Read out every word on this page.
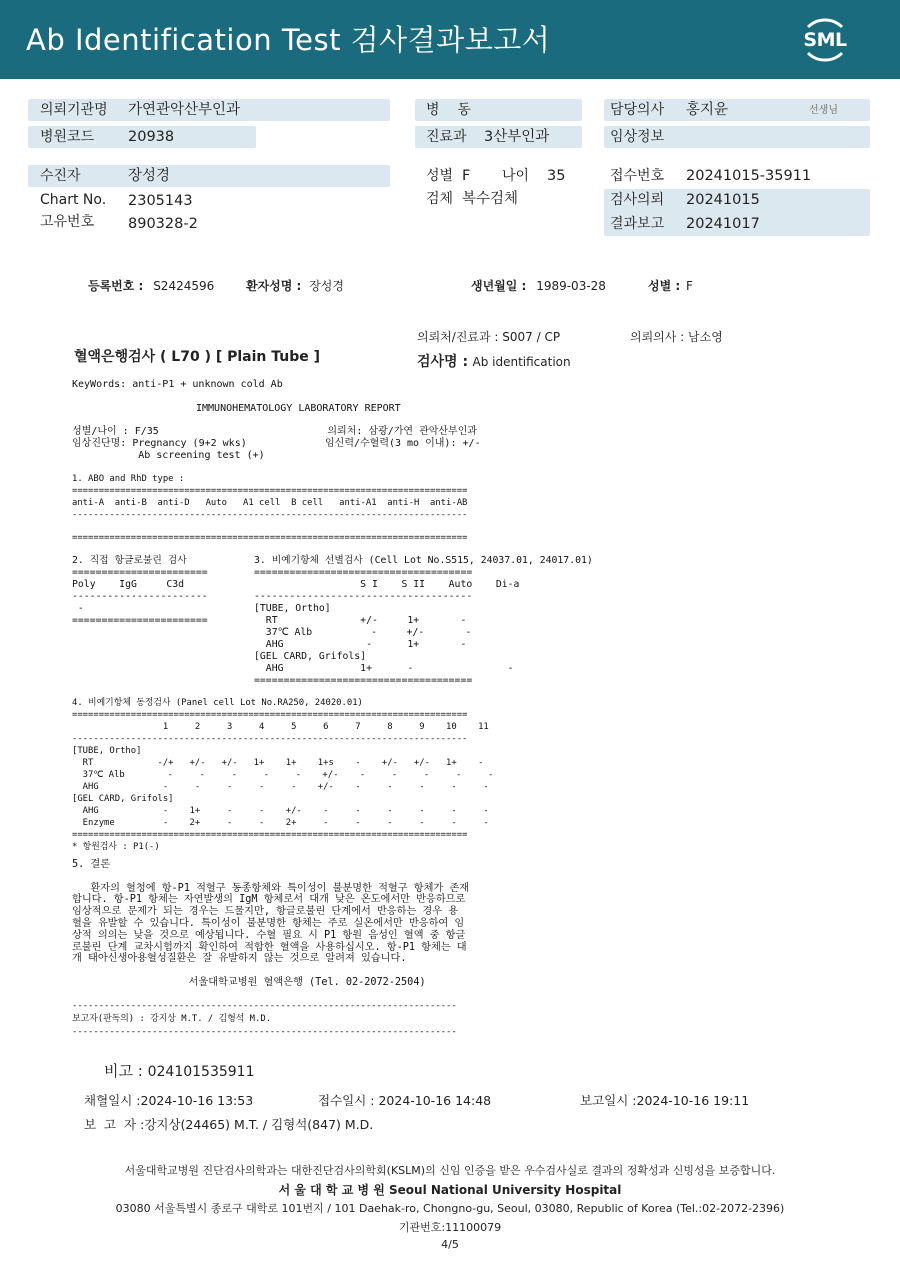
Ab Identification Test 검사결과보고서	SML
의뢰기관명 가연관악산부인과
병원코드 20938
병    동
진료과 3산부인과
담당의사 홍지윤	선생님
임상정보
수진자	장성경
Chart No. 2305143
고유번호 890328-2
성별 F 나이 35
검체 복수검체
접수번호 20241015-35911
검사의뢰 20241015
결과보고 20241017
등록번호 : S2424596	환자성명 : 장성경	생년월일 : 1989-03-28	성별 : F
의뢰처/진료과 : S007 / CP	의뢰의사 : 남소영
혈액은행검사 ( L70 ) [ Plain Tube ]	검사명 : Ab identification
KeyWords: anti-P1 + unknown cold Ab
IMMUNOHEMATOLOGY LABORATORY REPORT
성별/나이 : F/35                            의뢰처: 삼광/가연 관악산부인과
임상진단명: Pregnancy (9+2 wks)             임신력/수혈력(3 mo 이내): +/-
Ab screening test (+)
1. ABO and RhD type :
==========================================================================
anti-A  anti-B  anti-D   Auto   A1 cell  B cell   anti-A1  anti-H  anti-AB
--------------------------------------------------------------------------
==========================================================================
2. 직접 항글로불린 검사
=======================
Poly    IgG     C3d
-----------------------
-
=======================
3. 비예기항체 선별검사 (Cell Lot No.S515, 24037.01, 24017.01)
=====================================
S I    S II    Auto    Di-a
-------------------------------------
[TUBE, Ortho]
RT              +/-     1+       -
37℃ Alb          -     +/-       -
AHG              -      1+       -
[GEL CARD, Grifols]
AHG             1+      -                -
=====================================
4. 비예기항체 동정검사 (Panel cell Lot No.RA250, 24020.01)
==========================================================================
1     2     3     4     5     6     7     8     9    10    11
--------------------------------------------------------------------------
[TUBE, Ortho]
RT            -/+   +/-   +/-   1+    1+    1+s    -    +/-   +/-   1+    -
37℃ Alb        -     -     -     -     -    +/-    -     -     -     -     -
AHG            -     -     -     -     -    +/-    -     -     -     -     -
[GEL CARD, Grifols]
AHG            -    1+     -     -    +/-    -     -     -     -     -     -
Enzyme         -    2+     -     -    2+     -     -     -     -     -     -
==========================================================================
* 항원검사 : P1(-)
5. 결론

환자의 혈청에 항-P1 적혈구 동종항체와 특이성이 불분명한 적혈구 항체가 존재
합니다. 항-P1 항체는 자연발생의 IgM 항체로서 대개 낮은 온도에서만 반응하므로
임상적으로 문제가 되는 경우는 드물지만, 항글로불린 단계에서 반응하는 경우 용
혈을 유발할 수 있습니다. 특이성이 불분명한 항체는 주로 실온에서만 반응하여 임
상적 의의는 낮을 것으로 예상됩니다. 수혈 필요 시 P1 항원 음성인 혈액 중 항글
로불린 단계 교차시험까지 확인하여 적합한 혈액을 사용하십시오. 항-P1 항체는 대
개 태아신생아용혈성질환은 잘 유발하지 않는 것으로 알려져 있습니다.

서울대학교병원 혈액은행 (Tel. 02-2072-2504)
------------------------------------------------------------------------
보고자(판독의) : 강지상 M.T. / 김형석 M.D.
------------------------------------------------------------------------
비고 : 024101535911
채혈일시 :2024-10-16 13:53	접수일시 : 2024-10-16 14:48	보고일시 :2024-10-16 19:11
보  고  자 :강지상(24465) M.T. / 김형석(847) M.D.
서울대학교병원 진단검사의학과는 대한진단검사의학회(KSLM)의 신임 인증을 받은 우수검사실로 결과의 정확성과 신빙성을 보증합니다.
서 울 대 학 교 병 원 Seoul National University Hospital
03080 서울특별시 종로구 대학로 101번지 / 101 Daehak-ro, Chongno-gu, Seoul, 03080, Republic of Korea (Tel.:02-2072-2396)
기관번호:11100079
4/5
